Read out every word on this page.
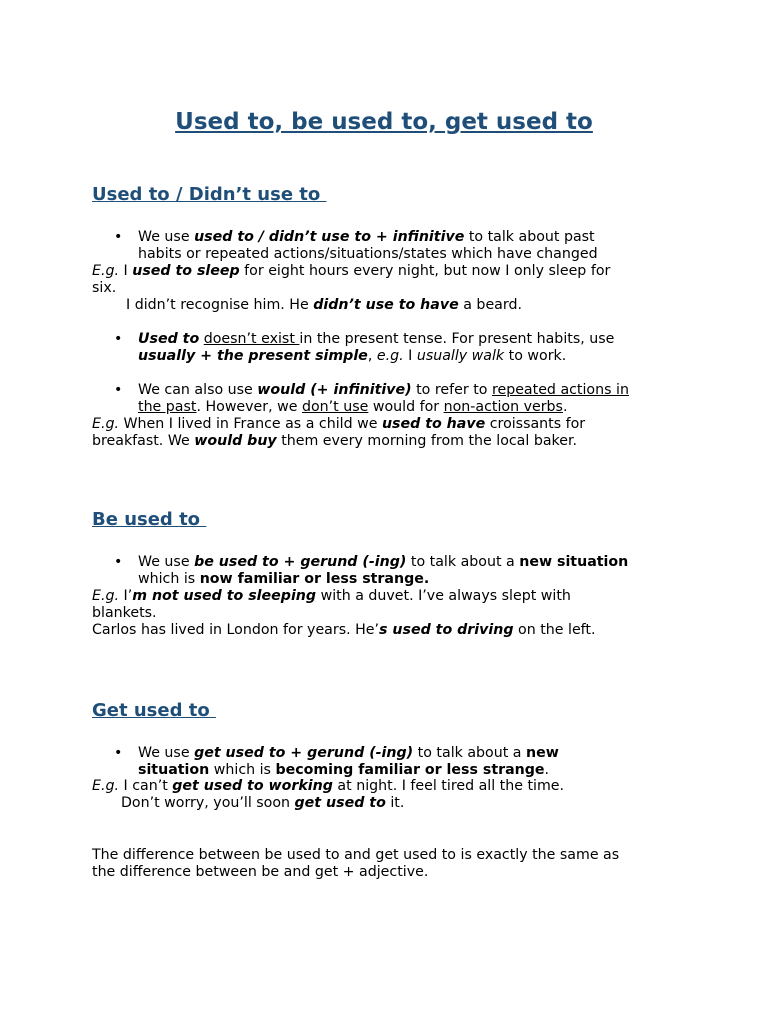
Used to, be used to, get used to
Used to / Didn’t use to
• We use used to / didn’t use to + infinitive to talk about past

habits or repeated actions/situations/states which have changed

E.g. I used to sleep for eight hours every night, but now I only sleep for

six.

I didn’t recognise him. He didn’t use to have a beard.

• Used to doesn’t exist in the present tense. For present habits, use

usually + the present simple, e.g. I usually walk to work.

• We can also use would (+ infinitive) to refer to repeated actions in

the past. However, we don’t use would for non-action verbs.

E.g. When I lived in France as a child we used to have croissants for

breakfast. We would buy them every morning from the local baker.

Be used to
• We use be used to + gerund (-ing) to talk about a new situation

which is now familiar or less strange.

E.g. I’m not used to sleeping with a duvet. I’ve always slept with

blankets.

Carlos has lived in London for years. He’s used to driving on the left.

Get used to
• We use get used to + gerund (-ing) to talk about a new

situation which is becoming familiar or less strange.

E.g. I can’t get used to working at night. I feel tired all the time.

Don’t worry, you’ll soon get used to it.

The difference between be used to and get used to is exactly the same as

the difference between be and get + adjective.
